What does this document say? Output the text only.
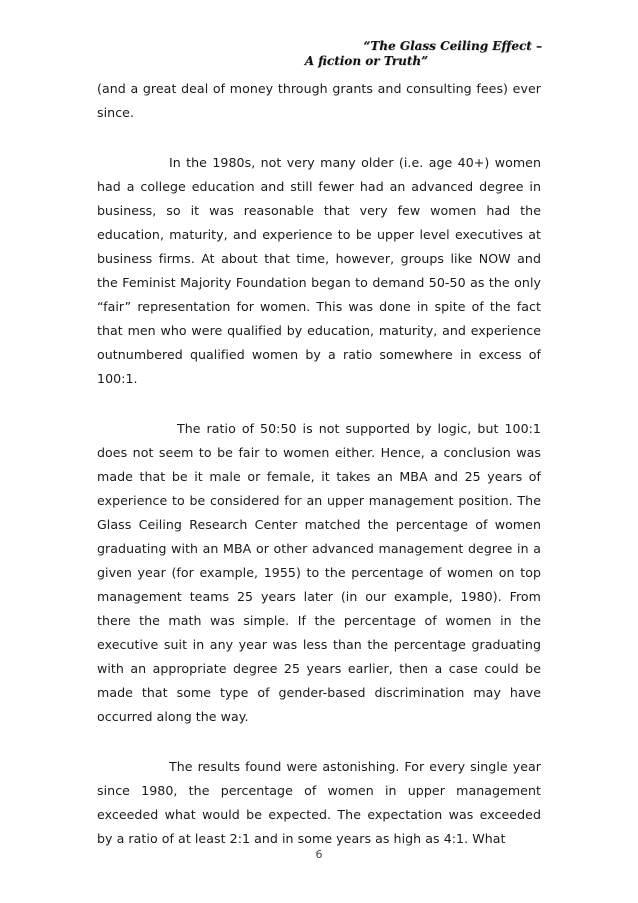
“The Glass Ceiling Effect –
A fiction or Truth”

(and a great deal of money through grants and consulting fees) ever since.

In the 1980s, not very many older (i.e. age 40+) women had a college education and still fewer had an advanced degree in business, so it was reasonable that very few women had the education, maturity, and experience to be upper level executives at business firms. At about that time, however, groups like NOW and the Feminist Majority Foundation began to demand 50-50 as the only “fair” representation for women. This was done in spite of the fact that men who were qualified by education, maturity, and experience outnumbered qualified women by a ratio somewhere in excess of 100:1.

The ratio of 50:50 is not supported by logic, but 100:1 does not seem to be fair to women either. Hence, a conclusion was made that be it male or female, it takes an MBA and 25 years of experience to be considered for an upper management position. The Glass Ceiling Research Center matched the percentage of women graduating with an MBA or other advanced management degree in a given year (for example, 1955) to the percentage of women on top management teams 25 years later (in our example, 1980). From there the math was simple. If the percentage of women in the executive suit in any year was less than the percentage graduating with an appropriate degree 25 years earlier, then a case could be made that some type of gender-based discrimination may have occurred along the way.

The results found were astonishing. For every single year since 1980, the percentage of women in upper management exceeded what would be expected. The expectation was exceeded by a ratio of at least 2:1 and in some years as high as 4:1. What

6
